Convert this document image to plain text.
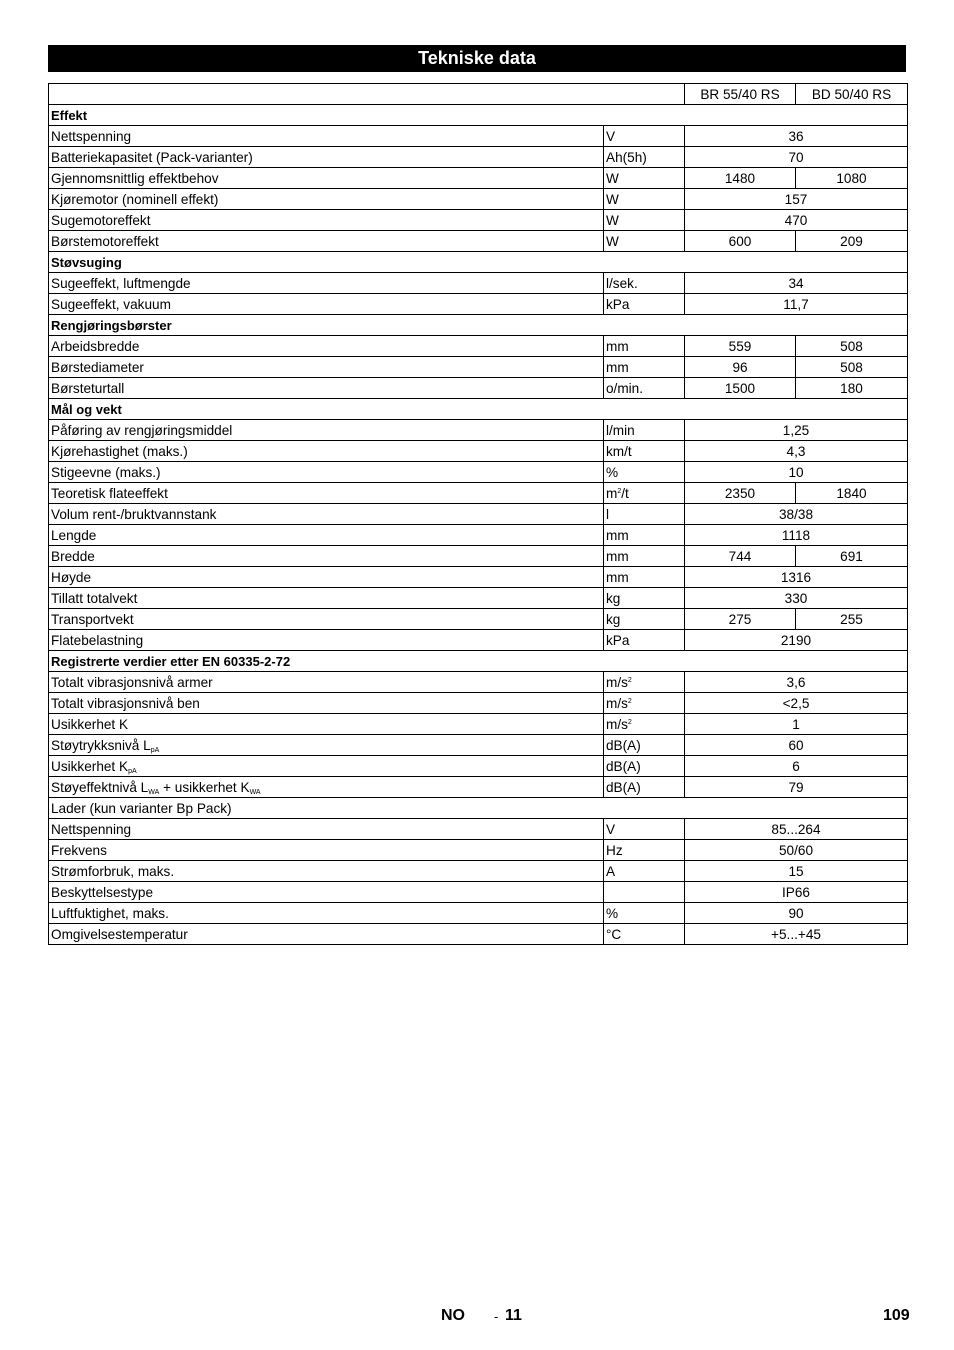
Tekniske data
		BR 55/40 RS	BD 50/40 RS
Effekt			
Nettspenning	V	36	
Batteriekapasitet (Pack-varianter)	Ah(5h)	70	
Gjennomsnittlig effektbehov	W	1480	1080
Kjøremotor (nominell effekt)	W	157	
Sugemotoreffekt	W	470	
Børstemotoreffekt	W	600	209
Støvsuging			
Sugeeffekt, luftmengde	l/sek.	34	
Sugeeffekt, vakuum	kPa	11,7	
Rengjøringsbørster			
Arbeidsbredde	mm	559	508
Børstediameter	mm	96	508
Børsteturtall	o/min.	1500	180
Mål og vekt			
Påføring av rengjøringsmiddel	l/min	1,25	
Kjørehastighet (maks.)	km/t	4,3	
Stigeevne (maks.)	%	10	
Teoretisk flateeffekt	$m^2/t$	2350	1840
Volum rent-/bruktvannstank	l	38/38	
Lengde	mm	1118	
Bredde	mm	744	691
Høyde	mm	1316	
Tillatt totalvekt	kg	330	
Transportvekt	kg	275	255
Flatebelastning	kPa	2190	
Registrerte verdier etter EN 60335-2-72			
Totalt vibrasjonsnivå armer	$m/s^2$	3,6	
Totalt vibrasjonsnivå ben	$m/s^2$	<2,5	
Usikkerhet K	$m/s^2$	1	
Støytrykksnivå $L_{pA}$	dB(A)	60	
Usikkerhet $K_{pA}$	dB(A)	6	
Støyeffektnivå $L_{WA}$ + usikkerhet $K_{WA}$	dB(A)	79	
Lader (kun varianter Bp Pack)			
Nettspenning	V	85...264	
Frekvens	Hz	50/60	
Strømforbruk, maks.	A	15	
Beskyttelsestype		IP66	
Luftfuktighet, maks.	%	90	
Omgivelsestemperatur	°C	+5...+45	
NO - 11	109
